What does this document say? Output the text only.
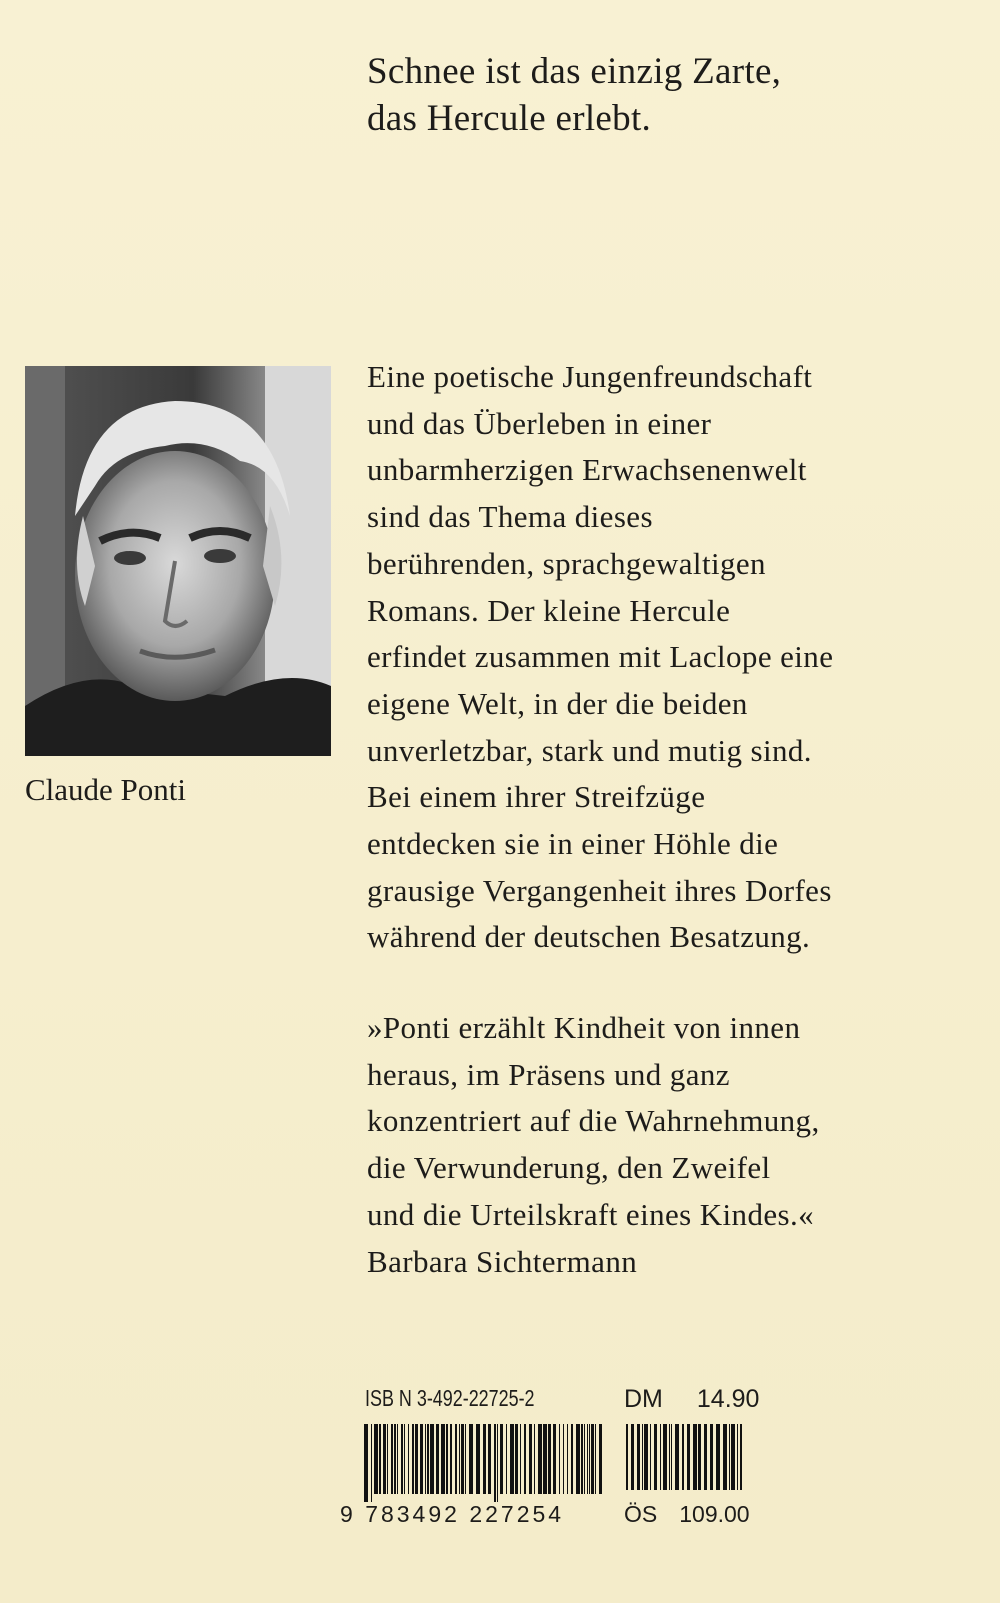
Schnee ist das einzig Zarte,
das Hercule erlebt.
Claude Ponti
Eine poetische Jungenfreundschaft
und das Überleben in einer
unbarmherzigen Erwachsenenwelt
sind das Thema dieses
berührenden, sprachgewaltigen
Romans. Der kleine Hercule
erfindet zusammen mit Laclope eine
eigene Welt, in der die beiden
unverletzbar, stark und mutig sind.
Bei einem ihrer Streifzüge
entdecken sie in einer Höhle die
grausige Vergangenheit ihres Dorfes
während der deutschen Besatzung.
»Ponti erzählt Kindheit von innen
heraus, im Präsens und ganz
konzentriert auf die Wahrnehmung,
die Verwunderung, den Zweifel
und die Urteilskraft eines Kindes.«
Barbara Sichtermann
ISB N 3-492-22725-2	DM 14.90
9 783492 227254	ÖS 109.00
